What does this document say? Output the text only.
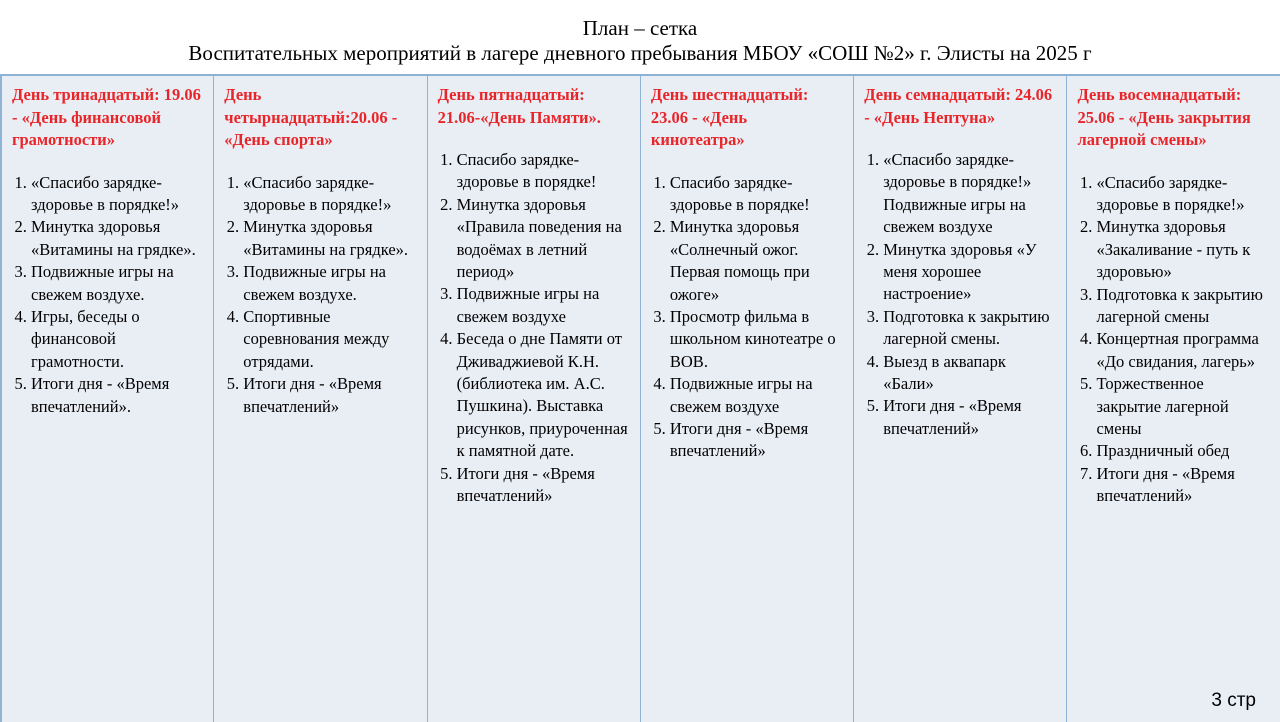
План – сетка
Воспитательных мероприятий в лагере дневного пребывания МБОУ «СОШ №2» г. Элисты на 2025 г
День тринадцатый: 19.06 - «День финансовой грамотности»
1. «Спасибо зарядке- здоровье в порядке!»
2. Минутка здоровья «Витамины на грядке».
3. Подвижные игры на свежем воздухе.
4. Игры, беседы о финансовой грамотности.
5. Итоги дня - «Время впечатлений».
День четырнадцатый:20.06 - «День спорта»
1. «Спасибо зарядке- здоровье в порядке!»
2. Минутка здоровья «Витамины на грядке».
3. Подвижные игры на свежем воздухе.
4. Спортивные соревнования между отрядами.
5. Итоги дня - «Время впечатлений»
День пятнадцатый: 21.06-«День Памяти».
1. Спасибо зарядке- здоровье в порядке!
2. Минутка здоровья «Правила поведения на водоёмах в летний период»
3. Подвижные игры на свежем воздухе
4. Беседа о дне Памяти от Дживаджиевой К.Н. (библиотека им. А.С. Пушкина). Выставка рисунков, приуроченная к памятной дате.
5. Итоги дня - «Время впечатлений»
День шестнадцатый: 23.06 - «День кинотеатра»
1. Спасибо зарядке- здоровье в порядке!
2. Минутка здоровья «Солнечный ожог. Первая помощь при ожоге»
3. Просмотр фильма в школьном кинотеатре о ВОВ.
4. Подвижные игры на свежем воздухе
5. Итоги дня - «Время впечатлений»
День семнадцатый: 24.06 - «День Нептуна»
1. «Спасибо зарядке- здоровье в порядке!» Подвижные игры на свежем воздухе
2. Минутка здоровья «У меня хорошее настроение»
3. Подготовка к закрытию лагерной смены.
4. Выезд в аквапарк «Бали»
5. Итоги дня - «Время впечатлений»
День восемнадцатый: 25.06 - «День закрытия лагерной смены»
1. «Спасибо зарядке- здоровье в порядке!»
2. Минутка здоровья «Закаливание - путь к здоровью»
3. Подготовка к закрытию лагерной смены
4. Концертная программа «До свидания, лагерь»
5. Торжественное закрытие лагерной смены
6. Праздничный обед
7. Итоги дня - «Время впечатлений»
3 стр
